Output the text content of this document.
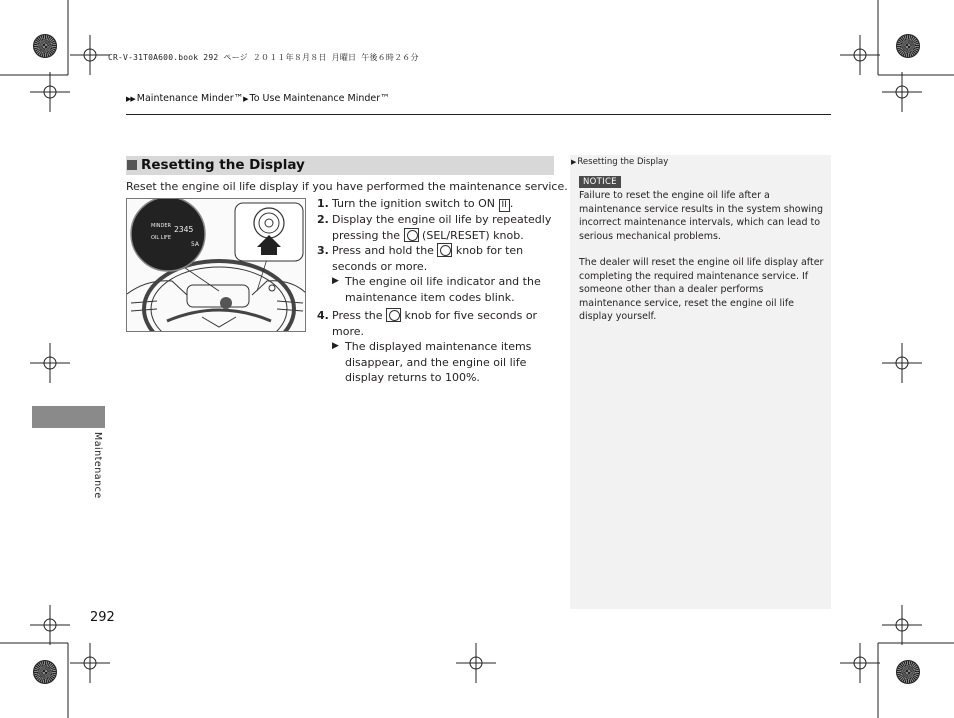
CR-V-31T0A600.book 292 ページ ２０１１年８月８日 月曜日 午後６時２６分
▶▶ Maintenance Minder™▶ To Use Maintenance Minder™
Resetting the Display
Reset the engine oil life display if you have performed the maintenance service.
MINDER 2345
OIL LIFE
5A
1. Turn the ignition switch to ON II .
2. Display the engine oil life by repeatedly pressing the  (SEL/RESET) knob.
3. Press and hold the  knob for ten seconds or more.
▶ The engine oil life indicator and the maintenance item codes blink.
4. Press the  knob for five seconds or more.
▶ The displayed maintenance items disappear, and the engine oil life display returns to 100%.
▶Resetting the Display
NOTICE
Failure to reset the engine oil life after a maintenance service results in the system showing incorrect maintenance intervals, which can lead to serious mechanical problems.
The dealer will reset the engine oil life display after completing the required maintenance service. If someone other than a dealer performs maintenance service, reset the engine oil life display yourself.
Maintenance
292
